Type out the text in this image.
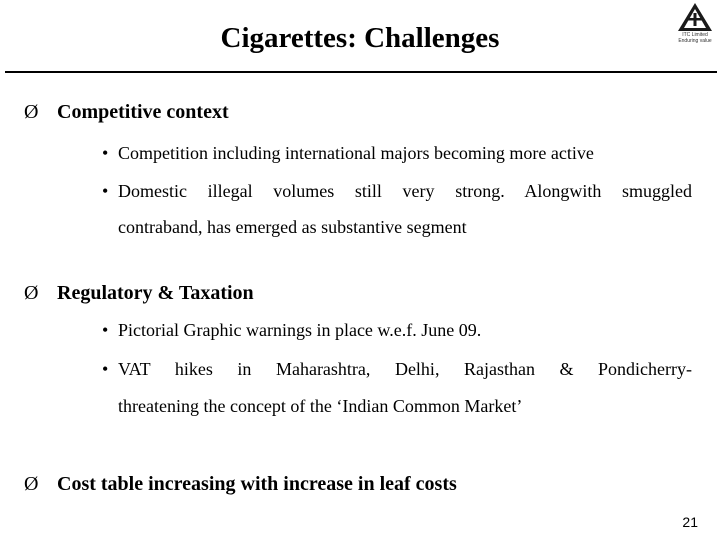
Cigarettes: Challenges	ITC Limited
Enduring value
Ø Competitive context
• Competition including international majors becoming more active
• Domestic illegal volumes still very strong. Alongwith smuggled
contraband, has emerged as substantive segment
Ø Regulatory & Taxation
• Pictorial Graphic warnings in place w.e.f. June 09.
• VAT hikes in Maharashtra, Delhi, Rajasthan & Pondicherry-
threatening the concept of the ‘Indian Common Market’
Ø Cost table increasing with increase in leaf costs
21
